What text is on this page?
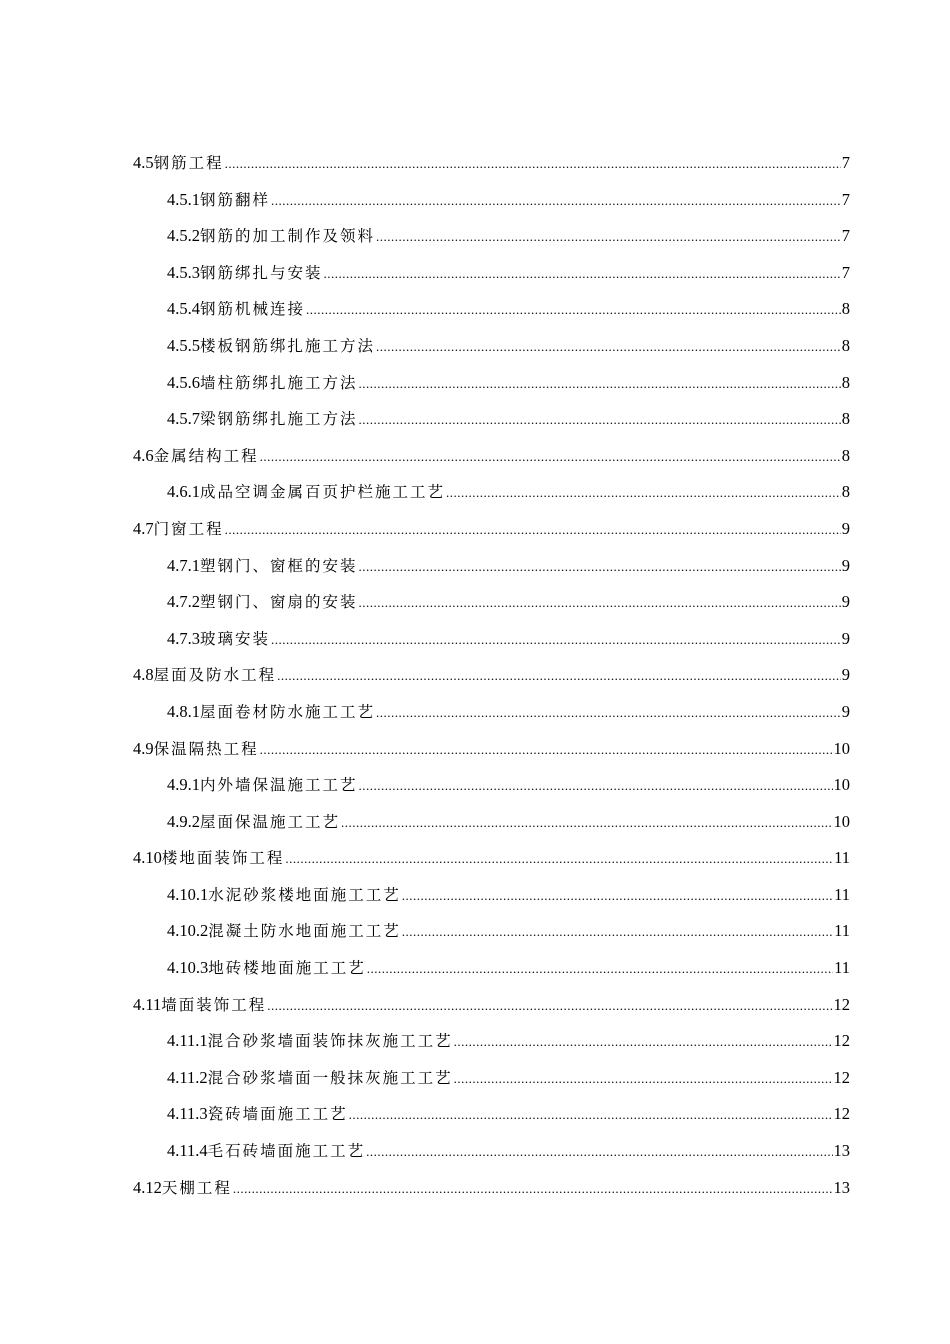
4.5 钢筋工程 .....	7
4.5.1 钢筋翻样 .....	7
4.5.2 钢筋的加工制作及领料 .....	7
4.5.3 钢筋绑扎与安装 .....	7
4.5.4 钢筋机械连接 .....	8
4.5.5 楼板钢筋绑扎施工方法 .....	8
4.5.6 墙柱筋绑扎施工方法 .....	8
4.5.7 梁钢筋绑扎施工方法 .....	8
4.6 金属结构工程 .....	8
4.6.1 成品空调金属百页护栏施工工艺 .....	8
4.7 门窗工程 .....	9
4.7.1 塑钢门、窗框的安装 .....	9
4.7.2 塑钢门、窗扇的安装 .....	9
4.7.3 玻璃安装 .....	9
4.8 屋面及防水工程 .....	9
4.8.1 屋面卷材防水施工工艺 .....	9
4.9 保温隔热工程 .....	10
4.9.1 内外墙保温施工工艺 .....	10
4.9.2 屋面保温施工工艺 .....	10
4.10 楼地面装饰工程 .....	11
4.10.1 水泥砂浆楼地面施工工艺 .....	11
4.10.2 混凝土防水地面施工工艺 .....	11
4.10.3 地砖楼地面施工工艺 .....	11
4.11 墙面装饰工程 .....	12
4.11.1 混合砂浆墙面装饰抹灰施工工艺 .....	12
4.11.2 混合砂浆墙面一般抹灰施工工艺 .....	12
4.11.3 瓷砖墙面施工工艺 .....	12
4.11.4 毛石砖墙面施工工艺 .....	13
4.12 天棚工程 .....	13
